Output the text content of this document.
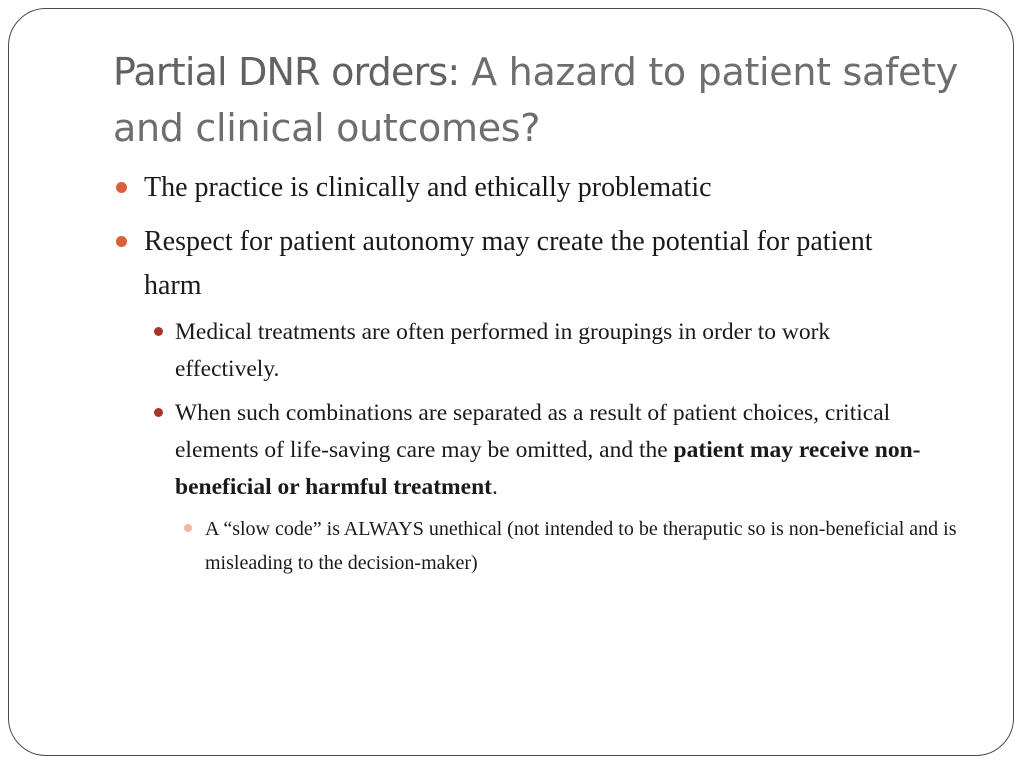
Partial DNR orders: A hazard to patient safety and clinical outcomes?
The practice is clinically and ethically problematic
Respect for patient autonomy may create the potential for patient harm
Medical treatments are often performed in groupings in order to work effectively.
When such combinations are separated as a result of patient choices, critical elements of life-saving care may be omitted, and the patient may receive non-beneficial or harmful treatment.
A “slow code” is ALWAYS unethical (not intended to be theraputic so is non-beneficial and is misleading to the decision-maker)
